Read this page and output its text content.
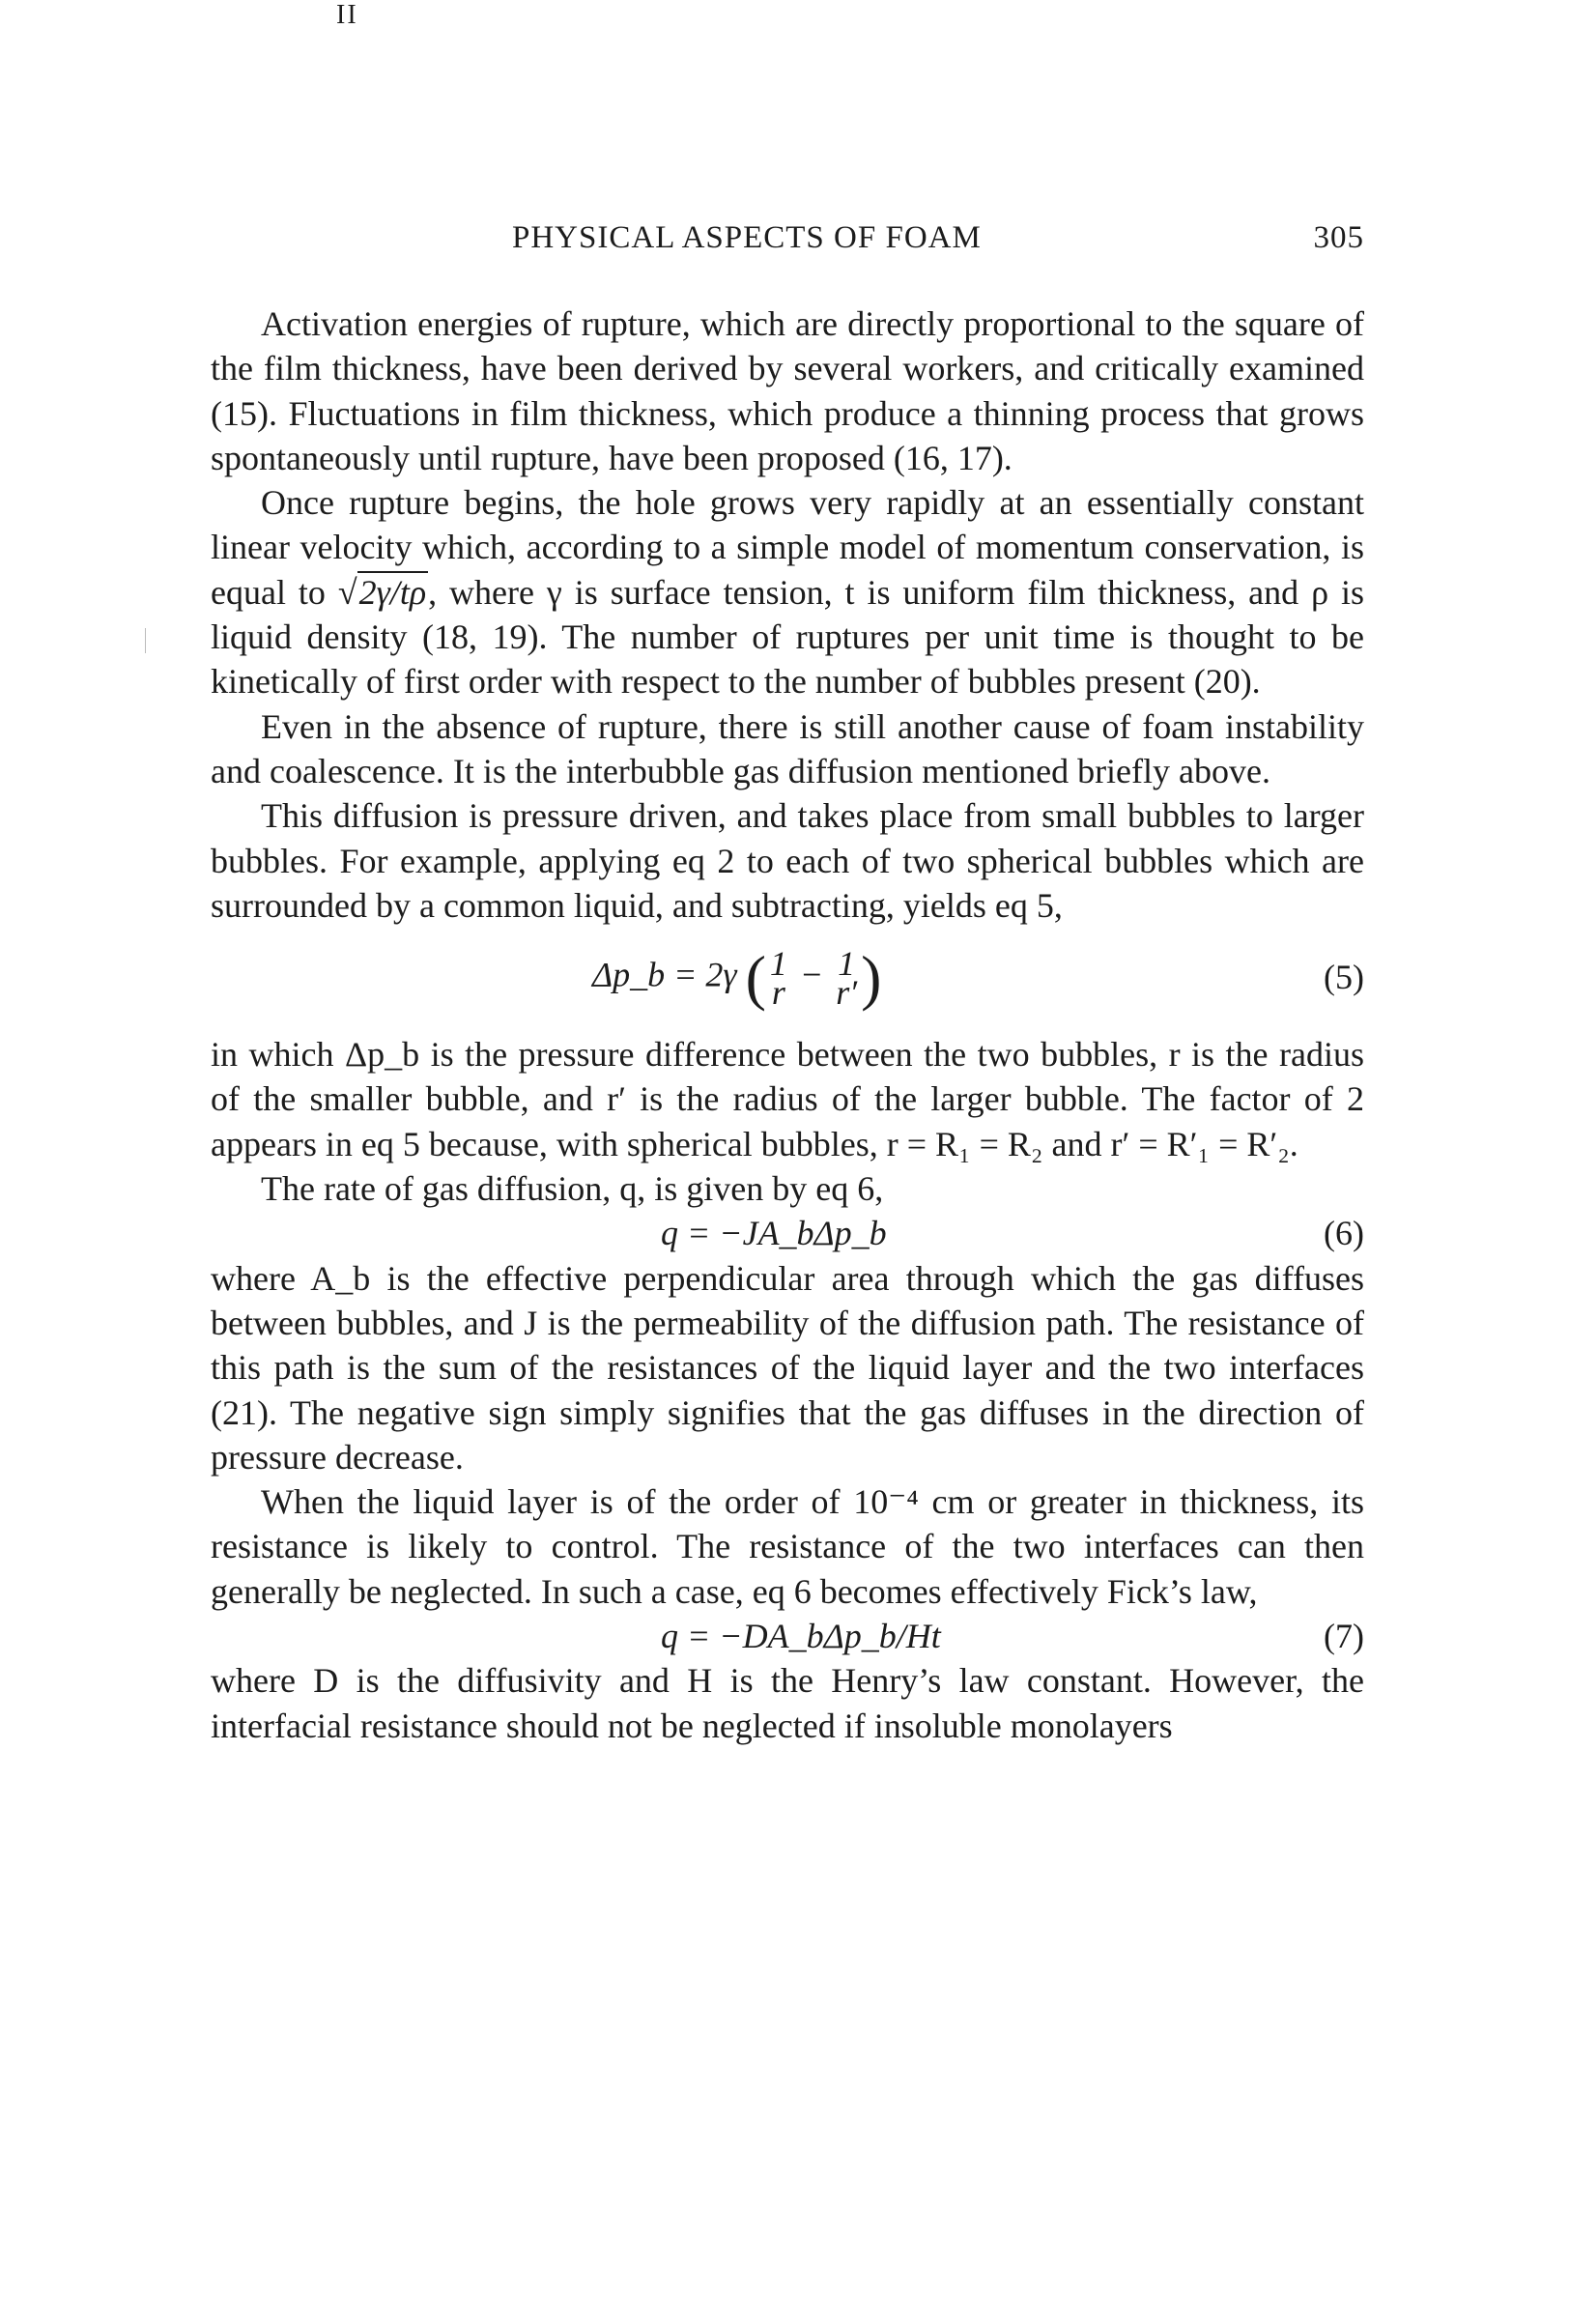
II
PHYSICAL ASPECTS OF FOAM	305

Activation energies of rupture, which are directly proportional to the square of the film thickness, have been derived by several workers, and critically examined (15). Fluctuations in film thickness, which produce a thinning process that grows spontaneously until rupture, have been proposed (16, 17).

Once rupture begins, the hole grows very rapidly at an essentially constant linear velocity which, according to a simple model of momentum conservation, is equal to √2γ/tρ, where γ is surface tension, t is uniform film thickness, and ρ is liquid density (18, 19). The number of ruptures per unit time is thought to be kinetically of first order with respect to the number of bubbles present (20).

Even in the absence of rupture, there is still another cause of foam instability and coalescence. It is the interbubble gas diffusion mentioned briefly above.

This diffusion is pressure driven, and takes place from small bubbles to larger bubbles. For example, applying eq 2 to each of two spherical bubbles which are surrounded by a common liquid, and subtracting, yields eq 5,

Δp_b = 2γ ( 1
r − 1
r′ )	(5)

in which Δp_b is the pressure difference between the two bubbles, r is the radius of the smaller bubble, and r′ is the radius of the larger bubble. The factor of 2 appears in eq 5 because, with spherical bubbles, r = R₁ = R₂ and r′ = R′₁ = R′₂.

The rate of gas diffusion, q, is given by eq 6,

q = −JA_bΔp_b	(6)

where A_b is the effective perpendicular area through which the gas diffuses between bubbles, and J is the permeability of the diffusion path. The resistance of this path is the sum of the resistances of the liquid layer and the two interfaces (21). The negative sign simply signifies that the gas diffuses in the direction of pressure decrease.

When the liquid layer is of the order of 10⁻⁴ cm or greater in thickness, its resistance is likely to control. The resistance of the two interfaces can then generally be neglected. In such a case, eq 6 becomes effectively Fick’s law,

q = −DA_bΔp_b/Ht	(7)

where D is the diffusivity and H is the Henry’s law constant. However, the interfacial resistance should not be neglected if insoluble monolayers
